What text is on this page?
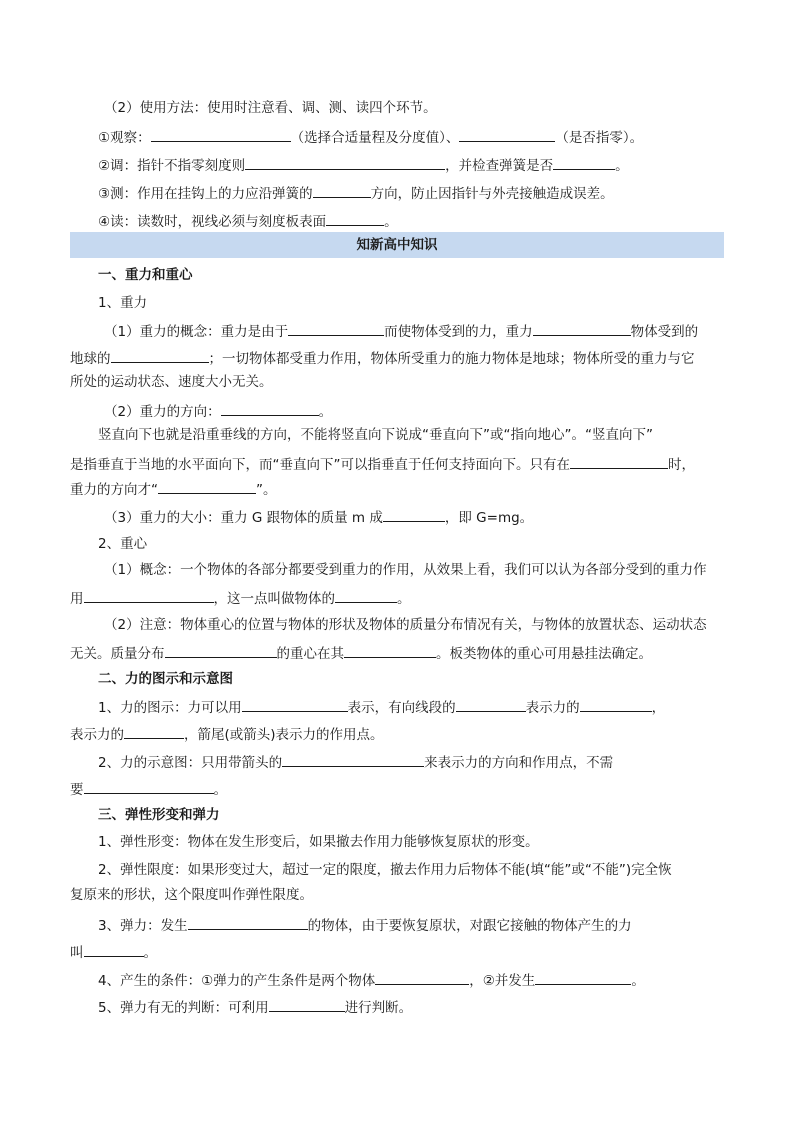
（2）使用方法：使用时注意看、调、测、读四个环节。
①观察：	（选择合适量程及分度值）、	（是否指零）。
②调：指针不指零刻度则	，并检查弹簧是否	。
③测：作用在挂钩上的力应沿弹簧的	方向，防止因指针与外壳接触造成误差。
④读：读数时，视线必须与刻度板表面	。
知新高中知识
一、重力和重心
1、重力
（1）重力的概念：重力是由于	而使物体受到的力，重力	物体受到的
地球的	；一切物体都受重力作用，物体所受重力的施力物体是地球；物体所受的重力与它
所处的运动状态、速度大小无关。
（2）重力的方向：	。
竖直向下也就是沿重垂线的方向，不能将竖直向下说成“垂直向下”或“指向地心”。“竖直向下”
是指垂直于当地的水平面向下，而“垂直向下”可以指垂直于任何支持面向下。只有在	时，
重力的方向才“	”。
（3）重力的大小：重力 G 跟物体的质量 m 成	，即 G=mg。
2、重心
（1）概念：一个物体的各部分都要受到重力的作用，从效果上看，我们可以认为各部分受到的重力作
用	，这一点叫做物体的	。
（2）注意：物体重心的位置与物体的形状及物体的质量分布情况有关，与物体的放置状态、运动状态
无关。质量分布	的重心在其	。板类物体的重心可用悬挂法确定。
二、力的图示和示意图
1、力的图示：力可以用	表示，有向线段的	表示力的	，
表示力的	，箭尾(或箭头)表示力的作用点。
2、力的示意图：只用带箭头的	来表示力的方向和作用点，不需
要	。
三、弹性形变和弹力
1、弹性形变：物体在发生形变后，如果撤去作用力能够恢复原状的形变。
2、弹性限度：如果形变过大，超过一定的限度，撤去作用力后物体不能(填“能”或“不能”)完全恢
复原来的形状，这个限度叫作弹性限度。
3、弹力：发生	的物体，由于要恢复原状，对跟它接触的物体产生的力
叫	。
4、产生的条件：①弹力的产生条件是两个物体	，②并发生	。
5、弹力有无的判断：可利用	进行判断。
